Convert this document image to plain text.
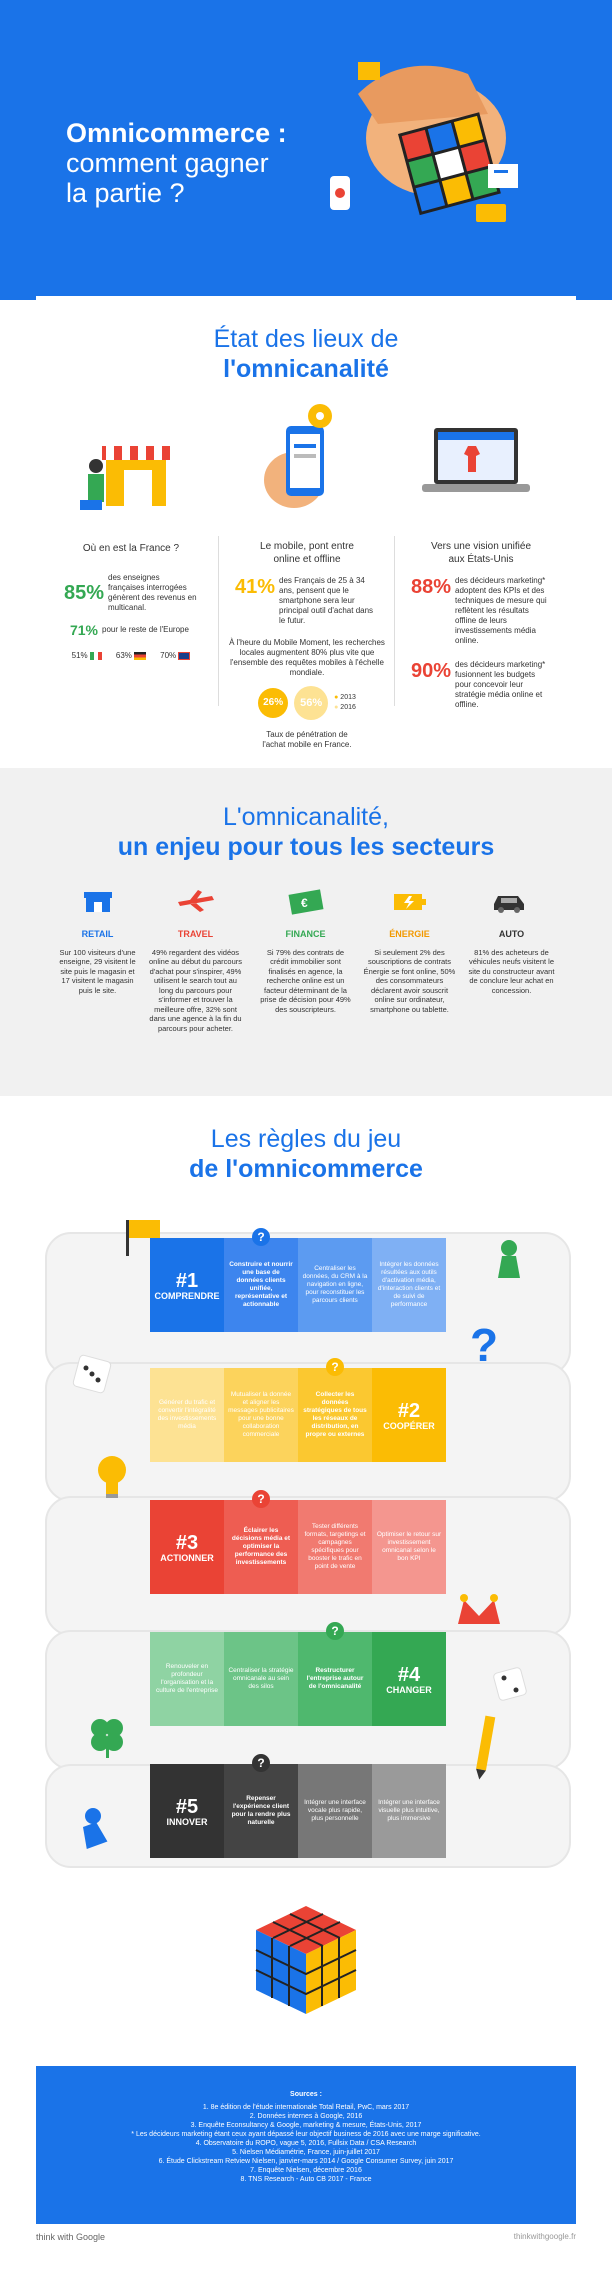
Omnicommerce :
comment gagner
la partie ?
État des lieux de
l'omnicanalité
Où en est la France ?
85%
des enseignes françaises interrogées génèrent des revenus en multicanal.
71% pour le reste de l'Europe
51%	63%	70%
Le mobile, pont entre
online et offline
41% des Français de 25 à 34 ans, pensent que le smartphone sera leur principal outil d'achat dans le futur.
À l'heure du Mobile Moment, les recherches locales augmentent 80% plus vite que l'ensemble des requêtes mobiles à l'échelle mondiale.
26%	56%	● 2013
● 2016
Taux de pénétration de l'achat mobile en France.
Vers une vision unifiée
aux États-Unis
88% des décideurs marketing* adoptent des KPIs et des techniques de mesure qui reflètent les résultats offline de leurs investissements média online.
90% des décideurs marketing* fusionnent les budgets pour concevoir leur stratégie média online et offline.
L'omnicanalité,
un enjeu pour tous les secteurs
€
RETAIL
Sur 100 visiteurs d'une enseigne, 29 visitent le site puis le magasin et 17 visitent le magasin puis le site.
TRAVEL
49% regardent des vidéos online au début du parcours d'achat pour s'inspirer, 49% utilisent le search tout au long du parcours pour s'informer et trouver la meilleure offre, 32% sont dans une agence à la fin du parcours pour acheter.
FINANCE
Si 79% des contrats de crédit immobilier sont finalisés en agence, la recherche online est un facteur déterminant de la prise de décision pour 49% des souscripteurs.
ÉNERGIE
Si seulement 2% des souscriptions de contrats Énergie se font online, 50% des consommateurs déclarent avoir souscrit online sur ordinateur, smartphone ou tablette.
AUTO
81% des acheteurs de véhicules neufs visitent le site du constructeur avant de conclure leur achat en concession.
Les règles du jeu
de l'omnicommerce
#1
COMPRENDRE
Construire et nourrir une base de données clients unifiée, représentative et actionnable
Centraliser les données, du CRM à la navigation en ligne, pour reconstituer les parcours clients
Intégrer les données résultées aux outils d'activation média, d'interaction clients et de suivi de performance
?
Générer du trafic et convertir l'intégralité des investissements média
Mutualiser la donnée et aligner les messages publicitaires pour une bonne collaboration commerciale
Collecter les données stratégiques de tous les réseaux de distribution, en propre ou externes
#2
COOPÉRER
?
#3
ACTIONNER
Éclairer les décisions média et optimiser la performance des investissements
Tester différents formats, targetings et campagnes spécifiques pour booster le trafic en point de vente
Optimiser le retour sur investissement omnicanal selon le bon KPI
?
Renouveler en profondeur l'organisation et la culture de l'entreprise
Centraliser la stratégie omnicanale au sein des silos
Restructurer l'entreprise autour de l'omnicanalité
#4
CHANGER
?
#5
INNOVER
Repenser l'expérience client pour la rendre plus naturelle
Intégrer une interface vocale plus rapide, plus personnelle
Intégrer une interface visuelle plus intuitive, plus immersive
?
?
Sources :
1. 8e édition de l'étude internationale Total Retail, PwC, mars 2017
2. Données internes à Google, 2016
3. Enquête Econsultancy & Google, marketing & mesure, États-Unis, 2017
* Les décideurs marketing étant ceux ayant dépassé leur objectif business de 2016 avec une marge significative.
4. Observatoire du ROPO, vague 5, 2016, Fullsix Data / CSA Research
5. Nielsen Médiamétrie, France, juin-juillet 2017
6. Étude Clickstream Retview Nielsen, janvier-mars 2014 / Google Consumer Survey, juin 2017
7. Enquête Nielsen, décembre 2016
8. TNS Research - Auto CB 2017 - France
think with Google	thinkwithgoogle.fr
